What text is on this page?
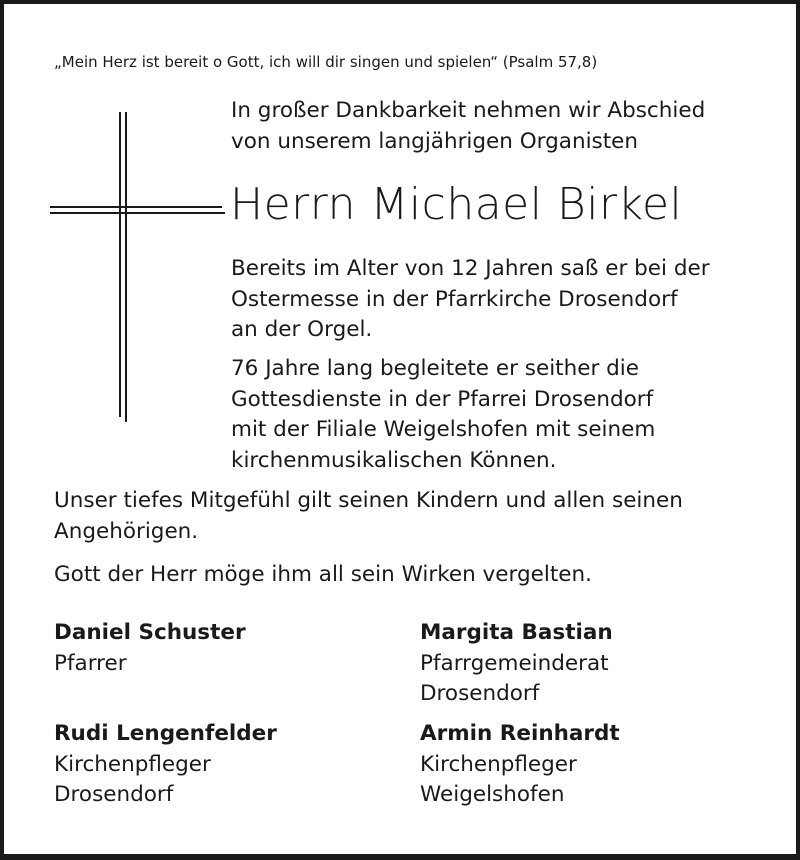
„Mein Herz ist bereit o Gott, ich will dir singen und spielen“ (Psalm 57,8)
In großer Dankbarkeit nehmen wir Abschied
von unserem langjährigen Organisten
Herrn Michael Birkel
Bereits im Alter von 12 Jahren saß er bei der
Ostermesse in der Pfarrkirche Drosendorf
an der Orgel.
76 Jahre lang begleitete er seither die
Gottesdienste in der Pfarrei Drosendorf
mit der Filiale Weigelshofen mit seinem
kirchenmusikalischen Können.
Unser tiefes Mitgefühl gilt seinen Kindern und allen seinen
Angehörigen.
Gott der Herr möge ihm all sein Wirken vergelten.
Daniel Schuster
Pfarrer
Margita Bastian
Pfarrgemeinderat
Drosendorf
Rudi Lengenfelder
Kirchenpfleger
Drosendorf
Armin Reinhardt
Kirchenpfleger
Weigelshofen
